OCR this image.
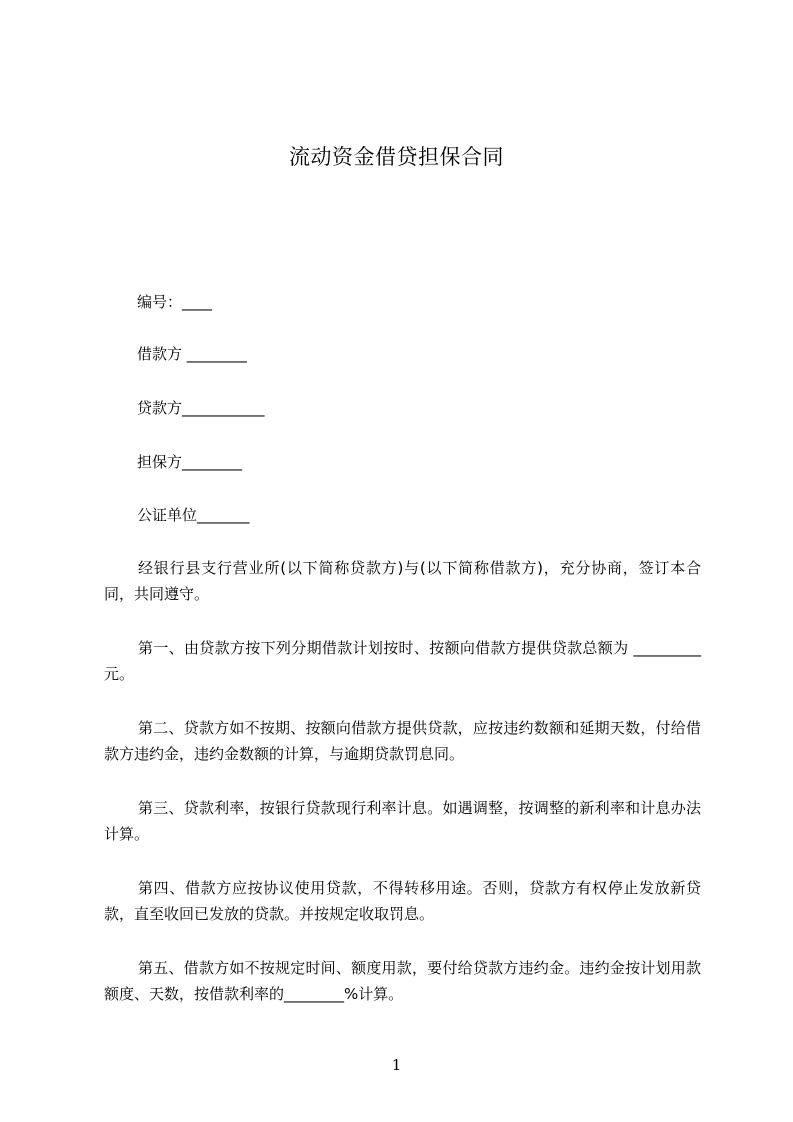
流动资金借贷担保合同
编号：____
借款方 ________
贷款方___________
担保方________
公证单位_______
经银行县支行营业所(以下简称贷款方)与(以下简称借款方)，充分协商，签订本合同，共同遵守。
第一、由贷款方按下列分期借款计划按时、按额向借款方提供贷款总额为 _________元。
第二、贷款方如不按期、按额向借款方提供贷款，应按违约数额和延期天数，付给借款方违约金，违约金数额的计算，与逾期贷款罚息同。
第三、贷款利率，按银行贷款现行利率计息。如遇调整，按调整的新利率和计息办法计算。
第四、借款方应按协议使用贷款，不得转移用途。否则，贷款方有权停止发放新贷款，直至收回已发放的贷款。并按规定收取罚息。
第五、借款方如不按规定时间、额度用款，要付给贷款方违约金。违约金按计划用款额度、天数，按借款利率的________%计算。
1
